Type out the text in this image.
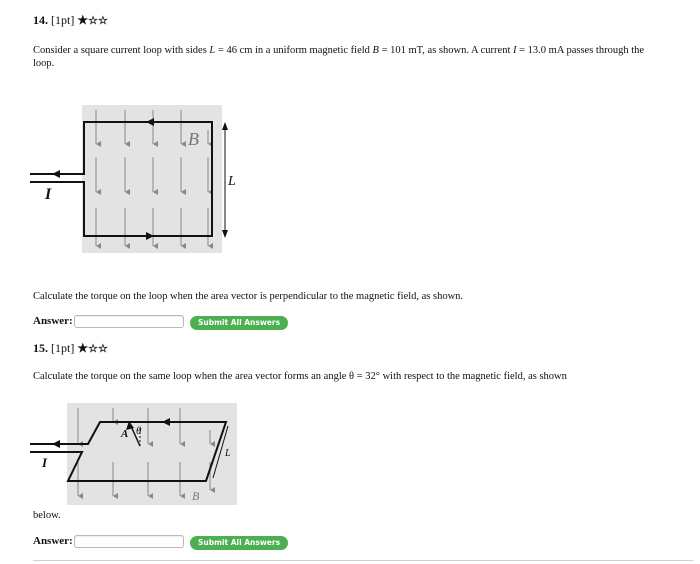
14. [1pt] ★☆☆
Consider a square current loop with sides L = 46 cm in a uniform magnetic field B = 101 mT, as shown. A current I = 13.0 mA passes through the
loop.
B
I
L
Calculate the torque on the loop when the area vector is perpendicular to the magnetic field, as shown.
Answer:	Submit All Answers
15. [1pt] ★☆☆
Calculate the torque on the same loop when the area vector forms an angle θ = 32° with respect to the magnetic field, as shown
A θ
L
B
I
below.
Answer:	Submit All Answers
